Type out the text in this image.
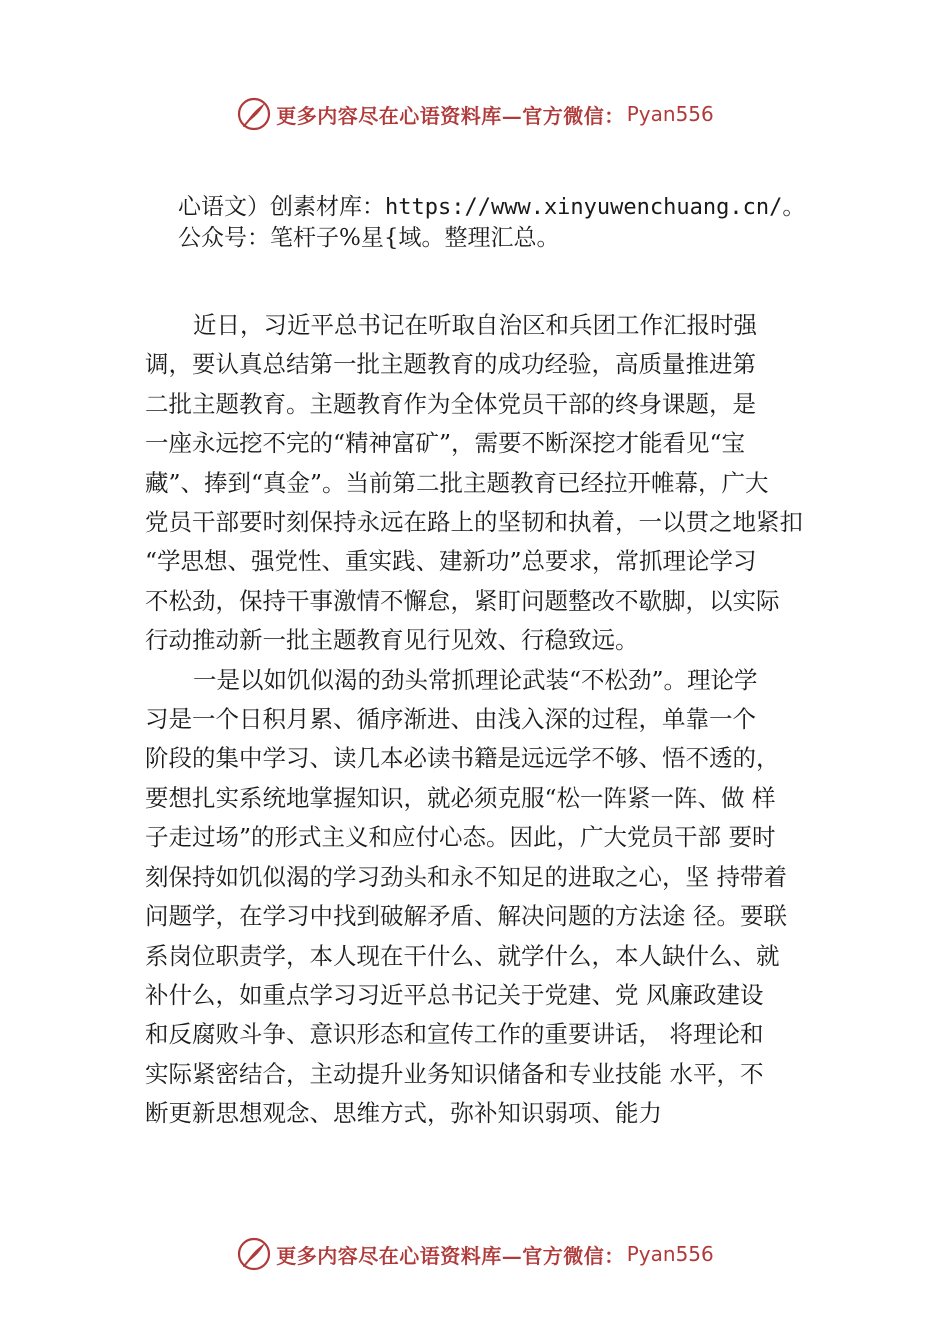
更多内容尽在心语资料库—官方微信： Pyan556
心语文）创素材库：https://www.xinyuwenchuang.cn/。
公众号：笔杆子%星{域。整理汇总。

近日，习近平总书记在听取自治区和兵团工作汇报时强
调，要认真总结第一批主题教育的成功经验，高质量推进第
二批主题教育。主题教育作为全体党员干部的终身课题，是
一座永远挖不完的“精神富矿”，需要不断深挖才能看见“宝
藏”、捧到“真金”。当前第二批主题教育已经拉开帷幕，广大
党员干部要时刻保持永远在路上的坚韧和执着，一以贯之地紧扣
“学思想、强党性、重实践、建新功”总要求，常抓理论学习
不松劲，保持干事激情不懈怠，紧盯问题整改不歇脚，以实际
行动推动新一批主题教育见行见效、行稳致远。

一是以如饥似渴的劲头常抓理论武装“不松劲”。理论学
习是一个日积月累、循序渐进、由浅入深的过程，单靠一个
阶段的集中学习、读几本必读书籍是远远学不够、悟不透的，
要想扎实系统地掌握知识，就必须克服“松一阵紧一阵、做 样
子走过场”的形式主义和应付心态。因此，广大党员干部 要时
刻保持如饥似渴的学习劲头和永不知足的进取之心，坚 持带着
问题学，在学习中找到破解矛盾、解决问题的方法途 径。要联
系岗位职责学，本人现在干什么、就学什么，本人缺什么、就
补什么，如重点学习习近平总书记关于党建、党 风廉政建设
和反腐败斗争、意识形态和宣传工作的重要讲话， 将理论和
实际紧密结合，主动提升业务知识储备和专业技能 水平，不
断更新思想观念、思维方式，弥补知识弱项、能力

更多内容尽在心语资料库—官方微信： Pyan556
